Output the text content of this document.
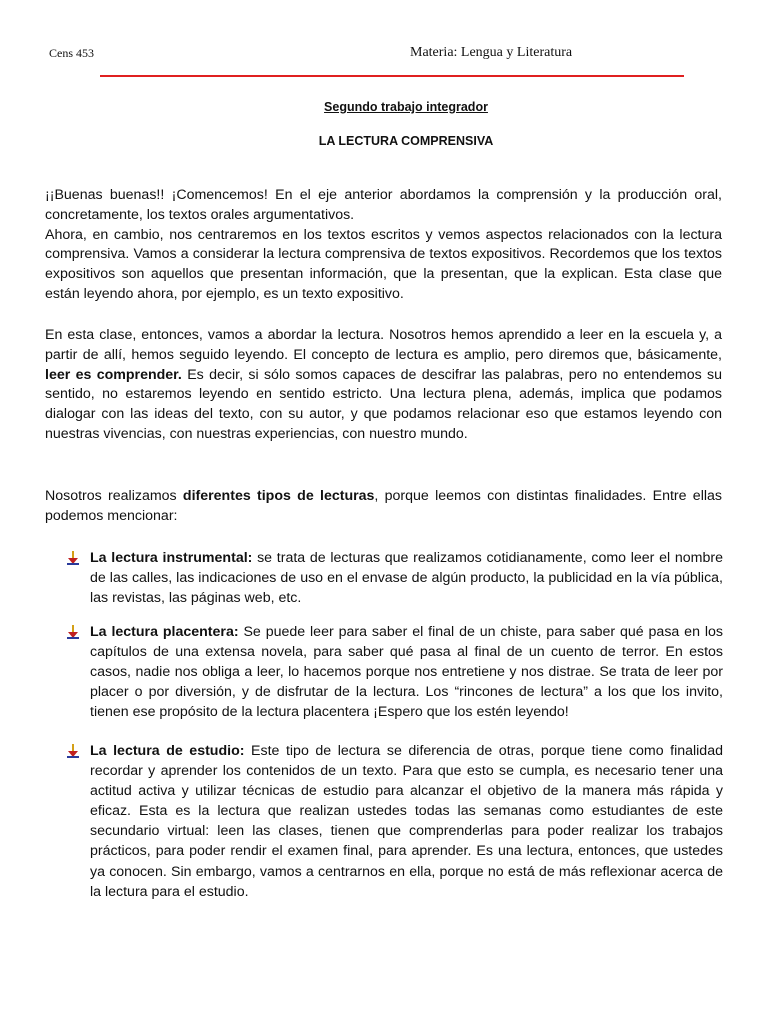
Cens 453	Materia: Lengua y Literatura
Segundo trabajo integrador
LA LECTURA COMPRENSIVA
¡¡Buenas buenas!! ¡Comencemos! En el eje anterior abordamos la comprensión y la producción oral, concretamente, los textos orales argumentativos.
Ahora, en cambio, nos centraremos en los textos escritos y vemos aspectos relacionados con la lectura comprensiva. Vamos a considerar la lectura comprensiva de textos expositivos. Recordemos que los textos expositivos son aquellos que presentan información, que la presentan, que la explican. Esta clase que están leyendo ahora, por ejemplo, es un texto expositivo.

En esta clase, entonces, vamos a abordar la lectura. Nosotros hemos aprendido a leer en la escuela y, a partir de allí, hemos seguido leyendo. El concepto de lectura es amplio, pero diremos que, básicamente, leer es comprender. Es decir, si sólo somos capaces de descifrar las palabras, pero no entendemos su sentido, no estaremos leyendo en sentido estricto. Una lectura plena, además, implica que podamos dialogar con las ideas del texto, con su autor, y que podamos relacionar eso que estamos leyendo con nuestras vivencias, con nuestras experiencias, con nuestro mundo.

Nosotros realizamos diferentes tipos de lecturas, porque leemos con distintas finalidades. Entre ellas podemos mencionar:

La lectura instrumental: se trata de lecturas que realizamos cotidianamente, como leer el nombre de las calles, las indicaciones de uso en el envase de algún producto, la publicidad en la vía pública, las revistas, las páginas web, etc.

La lectura placentera: Se puede leer para saber el final de un chiste, para saber qué pasa en los capítulos de una extensa novela, para saber qué pasa al final de un cuento de terror. En estos casos, nadie nos obliga a leer, lo hacemos porque nos entretiene y nos distrae. Se trata de leer por placer o por diversión, y de disfrutar de la lectura. Los “rincones de lectura” a los que los invito, tienen ese propósito de la lectura placentera ¡Espero que los estén leyendo!

La lectura de estudio: Este tipo de lectura se diferencia de otras, porque tiene como finalidad recordar y aprender los contenidos de un texto. Para que esto se cumpla, es necesario tener una actitud activa y utilizar técnicas de estudio para alcanzar el objetivo de la manera más rápida y eficaz. Esta es la lectura que realizan ustedes todas las semanas como estudiantes de este secundario virtual: leen las clases, tienen que comprenderlas para poder realizar los trabajos prácticos, para poder rendir el examen final, para aprender. Es una lectura, entonces, que ustedes ya conocen. Sin embargo, vamos a centrarnos en ella, porque no está de más reflexionar acerca de la lectura para el estudio.
